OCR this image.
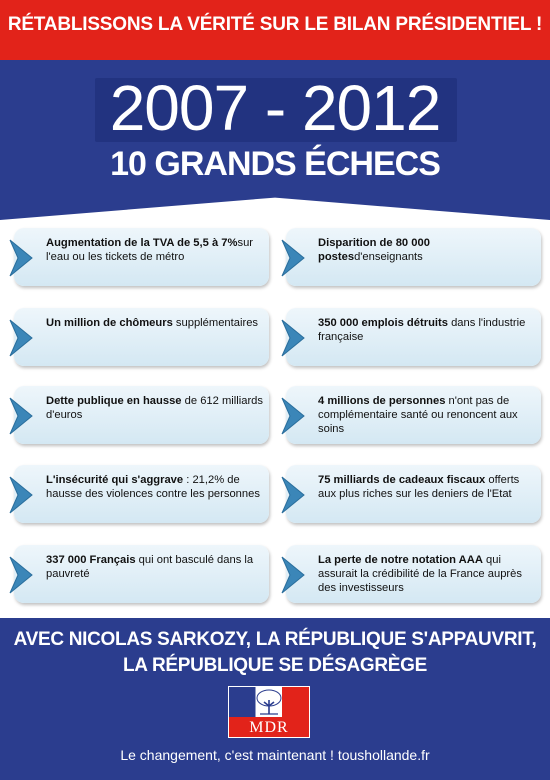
RÉTABLISSONS LA VÉRITÉ SUR LE BILAN PRÉSIDENTIEL !
2007 - 2012
10 GRANDS ÉCHECS
Augmentation de la TVA de 5,5 à 7%sur l'eau ou les tickets de métro
Disparition de 80 000 postesd'enseignants
Un million de chômeurs supplémentaires	350 000 emplois détruits dans l'industrie française
Dette publique en hausse de 612 milliards d'euros
4 millions de personnes n'ont pas de complémentaire santé ou renoncent aux soins
L'insécurité qui s'aggrave : 21,2% de hausse des violences contre les personnes
75 milliards de cadeaux fiscaux offerts aux plus riches sur les deniers de l'Etat
337 000 Français qui ont basculé dans la pauvreté
La perte de notre notation AAA qui assurait la crédibilité de la France auprès des investisseurs
AVEC NICOLAS SARKOZY, LA RÉPUBLIQUE S'APPAUVRIT,
LA RÉPUBLIQUE SE DÉSAGRÈGE
MDR
Le changement, c'est maintenant ! toushollande.fr
